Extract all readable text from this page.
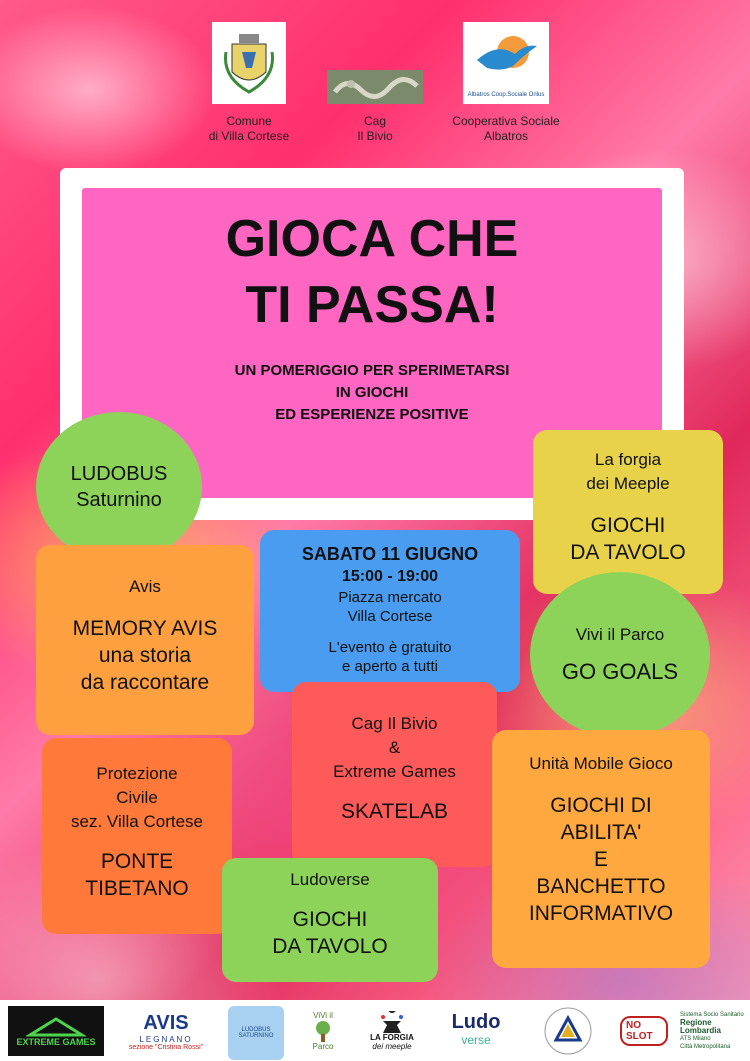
Comune
di Villa Cortese
Cag
Il Bivio
Albatros Coop.Sociale Onlus
Cooperativa Sociale
Albatros
GIOCA CHE
TI PASSA!
UN POMERIGGIO PER SPERIMETARSI
IN GIOCHI
ED ESPERIENZE POSITIVE
LUDOBUS
Saturnino
La forgia
dei Meeple
GIOCHI
DA TAVOLO
SABATO 11 GIUGNO
15:00 - 19:00
Piazza mercato
Villa Cortese
L'evento è gratuito
e aperto a tutti
Avis
MEMORY AVIS
una storia
da raccontare
Vivi il Parco
GO GOALS
Cag Il Bivio
&
Extreme Games
SKATELAB
Protezione
Civile
sez. Villa Cortese
PONTE
TIBETANO
Unità Mobile Gioco
GIOCHI DI
ABILITA'
E
BANCHETTO
INFORMATIVO
Ludoverse
GIOCHI
DA TAVOLO
EXTREME GAMES
AVIS
LEGNANO
sezione "Cristina Rossi"
LUDOBUS SATURNINO
ViVi il
Parco
LA FORGIA
dei meeple
Ludo
verse
NO SLOT
Sistema Socio Sanitario
Regione
Lombardia
ATS Milano
Città Metropolitana
